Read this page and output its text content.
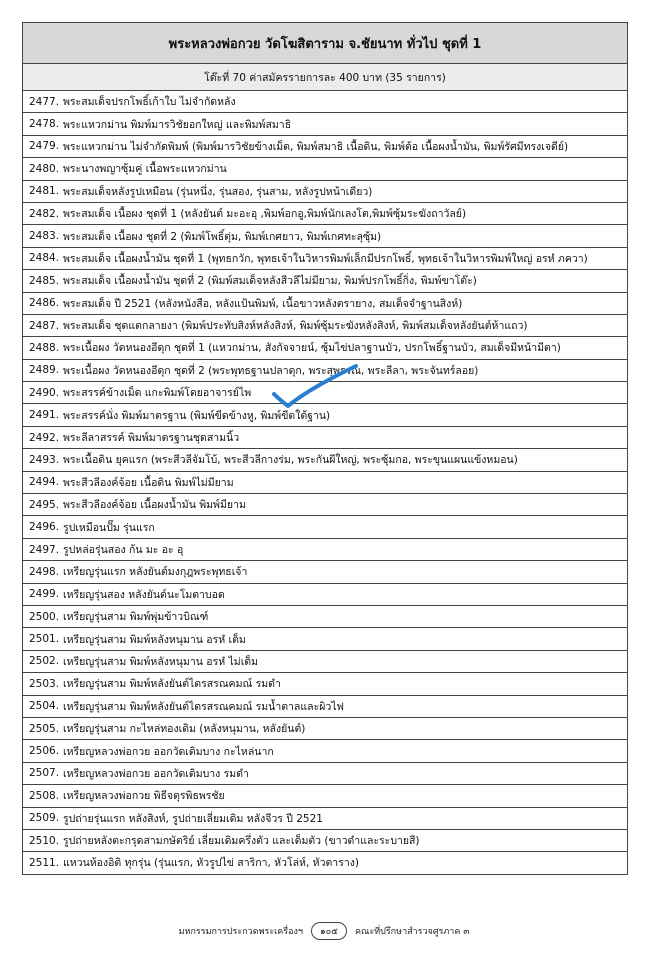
พระหลวงพ่อกวย วัดโฆสิตาราม จ.ชัยนาท ทั่วไป ชุดที่ 1
โต๊ะที่ 70 ค่าสมัครรายการละ 400 บาท (35 รายการ)
2477. พระสมเด็จปรกโพธิ์เก้าใบ ไม่จำกัดหลัง
2478. พระแหวกม่าน พิมพ์มารวิชัยอกใหญ่ และพิมพ์สมาธิ
2479. พระแหวกม่าน ไม่จำกัดพิมพ์ (พิมพ์มารวิชัยข้างเม็ด, พิมพ์สมาธิ เนื้อดิน, พิมพ์ต้อ เนื้อผงน้ำมัน, พิมพ์รัศมีทรงเจดีย์)
2480. พระนางพญาซุ้มคู่ เนื้อพระแหวกม่าน
2481. พระสมเด็จหลังรูปเหมือน (รุ่นหนึ่ง, รุ่นสอง, รุ่นสาม, หลังรูปหน้าเดียว)
2482. พระสมเด็จ เนื้อผง ชุดที่ 1 (หลังยันต์ มะอะอุ ,พิมพ์อกอู,พิมพ์นักเลงโต,พิมพ์ซุ้มระฆังถาวัลย์)
2483. พระสมเด็จ เนื้อผง ชุดที่ 2 (พิมพ์โพธิ์ตุ่ม, พิมพ์เกศยาว, พิมพ์เกศทะลุซุ้ม)
2484. พระสมเด็จ เนื้อผงน้ำมัน ชุดที่ 1 (พุทธกวัก, พุทธเจ้าในวิหารพิมพ์เล็กมีปรกโพธิ์, พุทธเจ้าในวิหารพิมพ์ใหญ่ อรหํ ภควา)
2485. พระสมเด็จ เนื้อผงน้ำมัน ชุดที่ 2 (พิมพ์สมเด็จหลังสีวลีไม่มียาม, พิมพ์ปรกโพธิ์กิ่ง, พิมพ์ขาโต๊ะ)
2486. พระสมเด็จ ปี 2521 (หลังหนังสือ, หลังแป้นพิมพ์, เนื้อขาวหลังตรายาง, สมเด็จจำฐานสิงห์)
2487. พระสมเด็จ ชุดแตกลายงา (พิมพ์ประทับสิงห์หลังสิงห์, พิมพ์ซุ้มระฆังหลังสิงห์, พิมพ์สมเด็จหลังยันต์ห้าแถว)
2488. พระเนื้อผง วัดหนองอีดุก ชุดที่ 1 (แหวกม่าน, สังกัจจายน์, ซุ้มไข่ปลาฐานบัว, ปรกโพธิ์ฐานบัว, สมเด็จมีหน้ามีตา)
2489. พระเนื้อผง วัดหนองอีดุก ชุดที่ 2 (พระพุทธฐานปลาดุก, พระสุพรรณ, พระลีลา, พระจันทร์ลอย)
2490. พระสรรค์ข้างเม็ด แกะพิมพ์โดยอาจารย์ไพ
2491. พระสรรค์นั่ง พิมพ์มาตรฐาน (พิมพ์ขีดข้างหู, พิมพ์ขีดใต้ฐาน)
2492. พระลีลาสรรค์ พิมพ์มาตรฐานชุดสามนิ้ว
2493. พระเนื้อดิน ยุคแรก (พระสีวลีจัมโบ้, พระสีวลีกางร่ม, พระกันผีใหญ่, พระซุ้มกอ, พระขุนแผนแข้งหมอน)
2494. พระสีวลีองค์จ้อย เนื้อดิน พิมพ์ไม่มียาม
2495. พระสีวลีองค์จ้อย เนื้อผงน้ำมัน พิมพ์มียาม
2496. รูปเหมือนปั๊ม รุ่นแรก
2497. รูปหล่อรุ่นสอง ก้น มะ อะ อุ
2498. เหรียญรุ่นแรก หลังยันต์มงกุฎพระพุทธเจ้า
2499. เหรียญรุ่นสอง หลังยันต์นะโมตาบอด
2500. เหรียญรุ่นสาม พิมพ์พุ่มข้าวบิณฑ์
2501. เหรียญรุ่นสาม พิมพ์หลังหนุมาน อรหํ เต็ม
2502. เหรียญรุ่นสาม พิมพ์หลังหนุมาน อรหํ ไม่เต็ม
2503. เหรียญรุ่นสาม พิมพ์หลังยันต์ไตรสรณคมณ์ รมดำ
2504. เหรียญรุ่นสาม พิมพ์หลังยันต์ไตรสรณคมณ์ รมน้ำตาลและผิวไฟ
2505. เหรียญรุ่นสาม กะไหล่ทองเดิม (หลังหนุมาน, หลังยันต์)
2506. เหรียญหลวงพ่อกวย ออกวัดเดิมบาง กะไหล่นาก
2507. เหรียญหลวงพ่อกวย ออกวัดเดิมบาง รมดำ
2508. เหรียญหลวงพ่อกวย พิธีจตุรพิธพรชัย
2509. รูปถ่ายรุ่นแรก หลังสิงห์, รูปถ่ายเลี่ยมเดิม หลังจีวร ปี 2521
2510. รูปถ่ายหลังตะกรุดสามกษัตริย์ เลี่ยมเดิมครึ่งตัว และเต็มตัว (ขาวดำและระบายสี)
2511. แหวนห้องอิติ ทุกรุ่น (รุ่นแรก, หัวรูปไข่ สาริกา, หัวโล่ห์, หัวตาราง)
มหกรรมการประกวดพระเครื่องฯ	๑๐๕	คณะที่ปรึกษาสำรวจศูรภาค ๓
